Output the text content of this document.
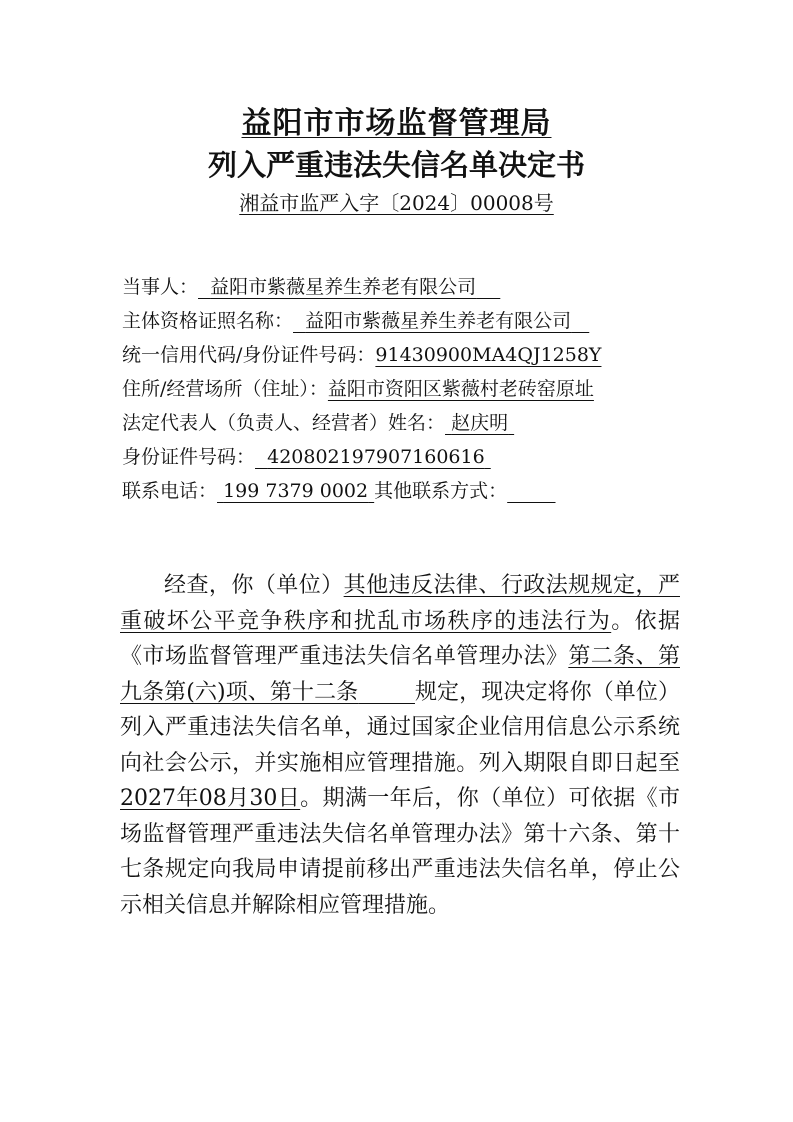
益阳市市场监督管理局
列入严重违法失信名单决定书
湘益市监严入字〔2024〕00008号
当事人： 益阳市紫薇星养生养老有限公司
主体资格证照名称： 益阳市紫薇星养生养老有限公司
统一信用代码/身份证件号码：91430900MA4QJ1258Y
住所/经营场所（住址）：益阳市资阳区紫薇村老砖窑原址
法定代表人（负责人、经营者）姓名： 赵庆明
身份证件号码： 420802197907160616
联系电话： 199 7379 0002 其他联系方式：

经查，你（单位）其他违反法律、行政法规规定，严重破坏公平竞争秩序和扰乱市场秩序的违法行为。依据《市场监督管理严重违法失信名单管理办法》第二条、第九条第(六)项、第十二条	规定，现决定将你（单位）列入严重违法失信名单，通过国家企业信用信息公示系统向社会公示，并实施相应管理措施。列入期限自即日起至2027年08月30日。期满一年后，你（单位）可依据《市场监督管理严重违法失信名单管理办法》第十六条、第十七条规定向我局申请提前移出严重违法失信名单，停止公示相关信息并解除相应管理措施。
